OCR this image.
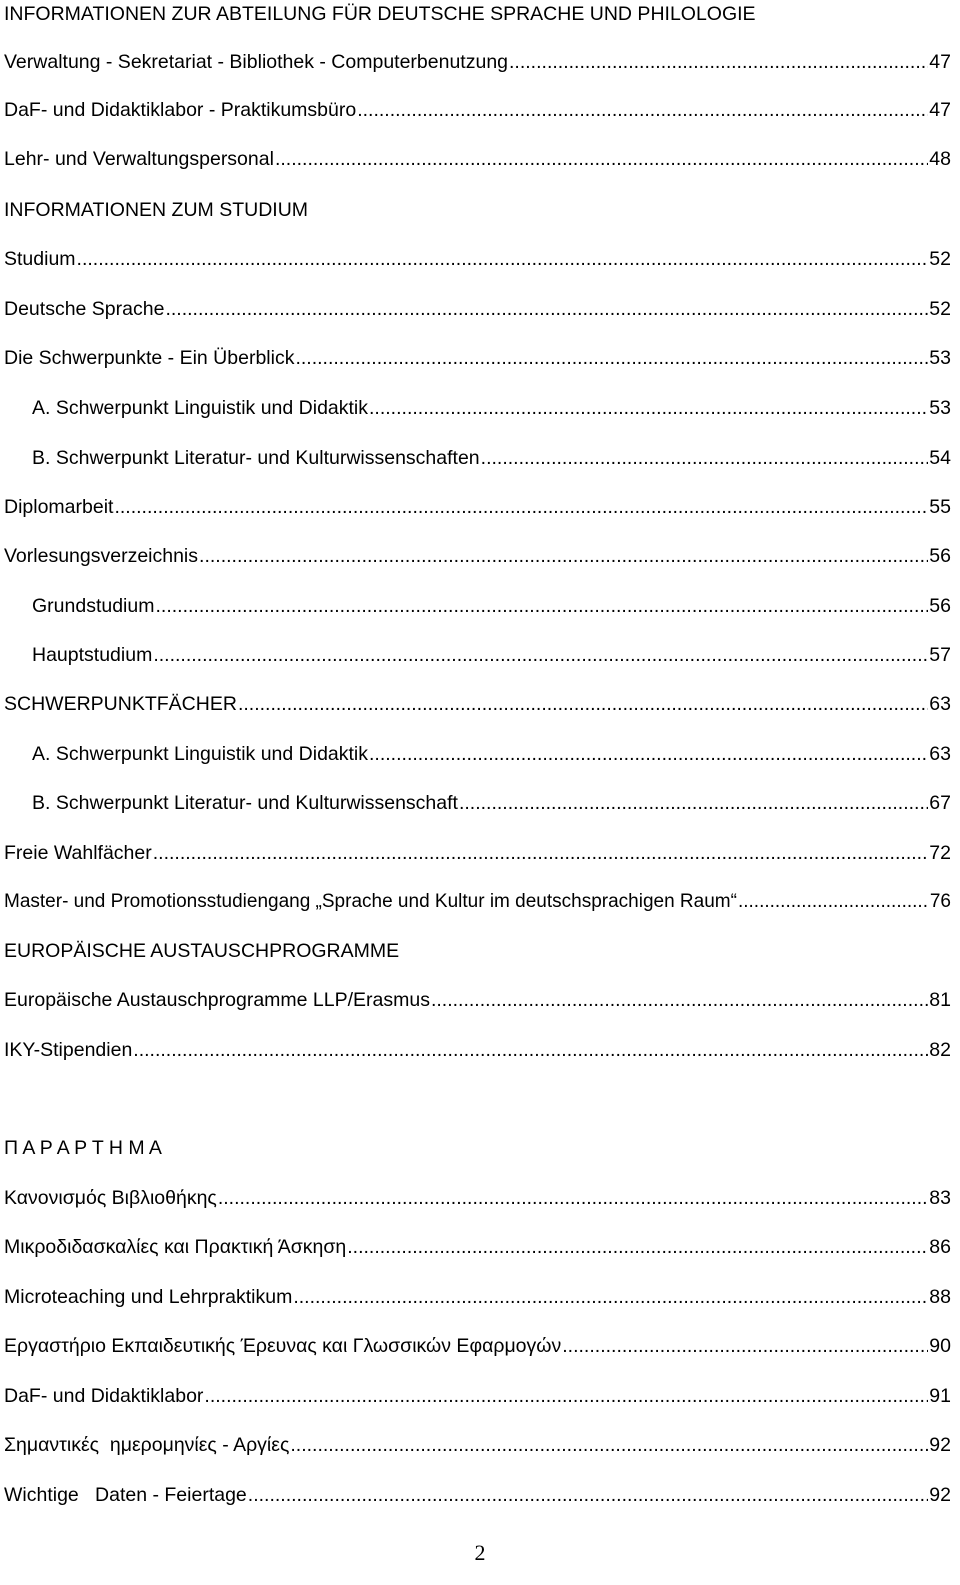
INFORMATIONEN ZUR ABTEILUNG FÜR DEUTSCHE SPRACHE UND PHILOLOGIE
Verwaltung - Sekretariat - Bibliothek - Computerbenutzung .....	47
DaF- und Didaktiklabor - Praktikumsbüro .....	47
Lehr- und Verwaltungspersonal .....	48
INFORMATIONEN ZUM STUDIUM
Studium .....	52
Deutsche Sprache .....	52
Die Schwerpunkte - Ein Überblick .....	53
A. Schwerpunkt Linguistik und Didaktik .....	53
B. Schwerpunkt Literatur- und Kulturwissenschaften .....	54
Diplomarbeit .....	55
Vorlesungsverzeichnis .....	56
Grundstudium .....	56
Hauptstudium .....	57
SCHWERPUNKTFÄCHER .....	63
A. Schwerpunkt Linguistik und Didaktik .....	63
B. Schwerpunkt Literatur- und Kulturwissenschaft .....	67
Freie Wahlfächer .....	72
Master- und Promotionsstudiengang „Sprache und Kultur im deutschsprachigen Raum“ .....	76
EUROPÄISCHE AUSTAUSCHPROGRAMME
Europäische Austauschprogramme LLP/Erasmus .....	81
IKY-Stipendien .....	82
Π Α Ρ Α Ρ Τ Η Μ Α
Κανονισμός Βιβλιοθήκης .....	83
Μικροδιδασκαλίες και Πρακτική Άσκηση .....	86
Microteaching und Lehrpraktikum .....	88
Εργαστήριο Εκπαιδευτικής Έρευνας και Γλωσσικών Εφαρμογών .....	90
DaF- und Didaktiklabor .....	91
Σημαντικές  ημερομηνίες - Αργίες .....	92
Wichtige   Daten - Feiertage .....	92
2
